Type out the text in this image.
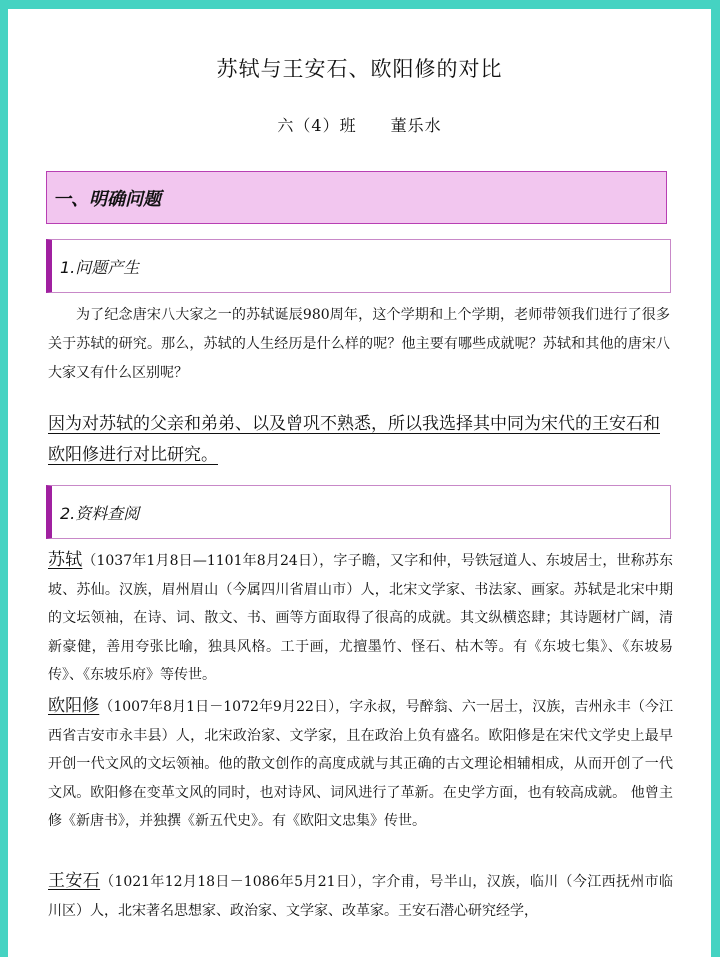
苏轼与王安石、欧阳修的对比
六（4）班　　董乐水
一、明确问题
1.问题产生

为了纪念唐宋八大家之一的苏轼诞辰980周年，这个学期和上个学期，老师带领我们进行了很多关于苏轼的研究。那么，苏轼的人生经历是什么样的呢？他主要有哪些成就呢？苏轼和其他的唐宋八大家又有什么区别呢？

因为对苏轼的父亲和弟弟、以及曾巩不熟悉，所以我选择其中同为宋代的王安石和欧阳修进行对比研究。

2.资料查阅

苏轼（1037年1月8日—1101年8月24日），字子瞻，又字和仲，号铁冠道人、东坡居士，世称苏东坡、苏仙。汉族，眉州眉山（今属四川省眉山市）人，北宋文学家、书法家、画家。苏轼是北宋中期的文坛领袖，在诗、词、散文、书、画等方面取得了很高的成就。其文纵横恣肆；其诗题材广阔，清新豪健，善用夸张比喻，独具风格。工于画，尤擅墨竹、怪石、枯木等。有《东坡七集》、《东坡易传》、《东坡乐府》等传世。

欧阳修（1007年8月1日－1072年9月22日），字永叔，号醉翁、六一居士，汉族，吉州永丰（今江西省吉安市永丰县）人，北宋政治家、文学家，且在政治上负有盛名。欧阳修是在宋代文学史上最早开创一代文风的文坛领袖。他的散文创作的高度成就与其正确的古文理论相辅相成，从而开创了一代文风。欧阳修在变革文风的同时，也对诗风、词风进行了革新。在史学方面，也有较高成就。 他曾主修《新唐书》，并独撰《新五代史》。有《欧阳文忠集》传世。

王安石（1021年12月18日－1086年5月21日），字介甫，号半山，汉族，临川（今江西抚州市临川区）人，北宋著名思想家、政治家、文学家、改革家。王安石潜心研究经学，
